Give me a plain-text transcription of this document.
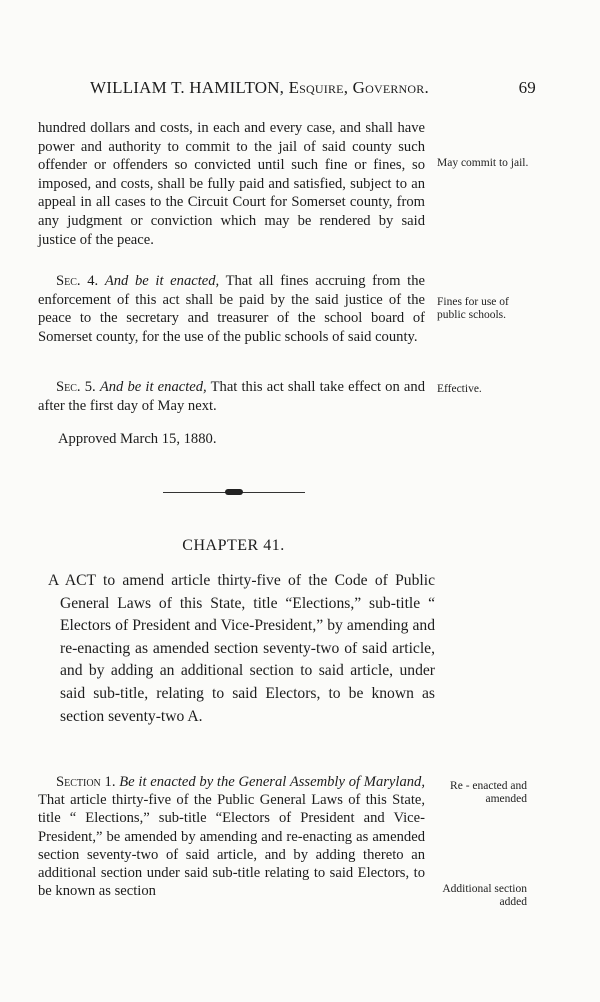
WILLIAM T. HAMILTON, Esquire, Governor.	69

hundred dollars and costs, in each and every case, and shall have power and authority to commit to the jail of said county such offender or offenders so convicted until such fine or fines, so imposed, and costs, shall be fully paid and satisfied, subject to an appeal in all cases to the Circuit Court for Somerset county, from any judgment or conviction which may be rendered by said justice of the peace.

Sec. 4. And be it enacted, That all fines accruing from the enforcement of this act shall be paid by the said justice of the peace to the secretary and treasurer of the school board of Somerset county, for the use of the public schools of said county.

Sec. 5. And be it enacted, That this act shall take effect on and after the first day of May next.

Approved March 15, 1880.
CHAPTER 41.
A ACT to amend article thirty-five of the Code of Public General Laws of this State, title “Elections,” sub-title “ Electors of President and Vice-President,” by amending and re-enacting as amended section seventy-two of said article, and by adding an additional section to said article, under said sub-title, relating to said Electors, to be known as section seventy-two A.

Section 1. Be it enacted by the General Assembly of Maryland, That article thirty-five of the Public General Laws of this State, title “ Elections,” sub-title “Electors of President and Vice-President,” be amended by amending and re-enacting as amended section seventy-two of said article, and by adding thereto an additional section under said sub-title relating to said Electors, to be known as section

May commit to jail.
Fines for use of public schools.
Effective.
Re - enacted and amended
Additional section added
